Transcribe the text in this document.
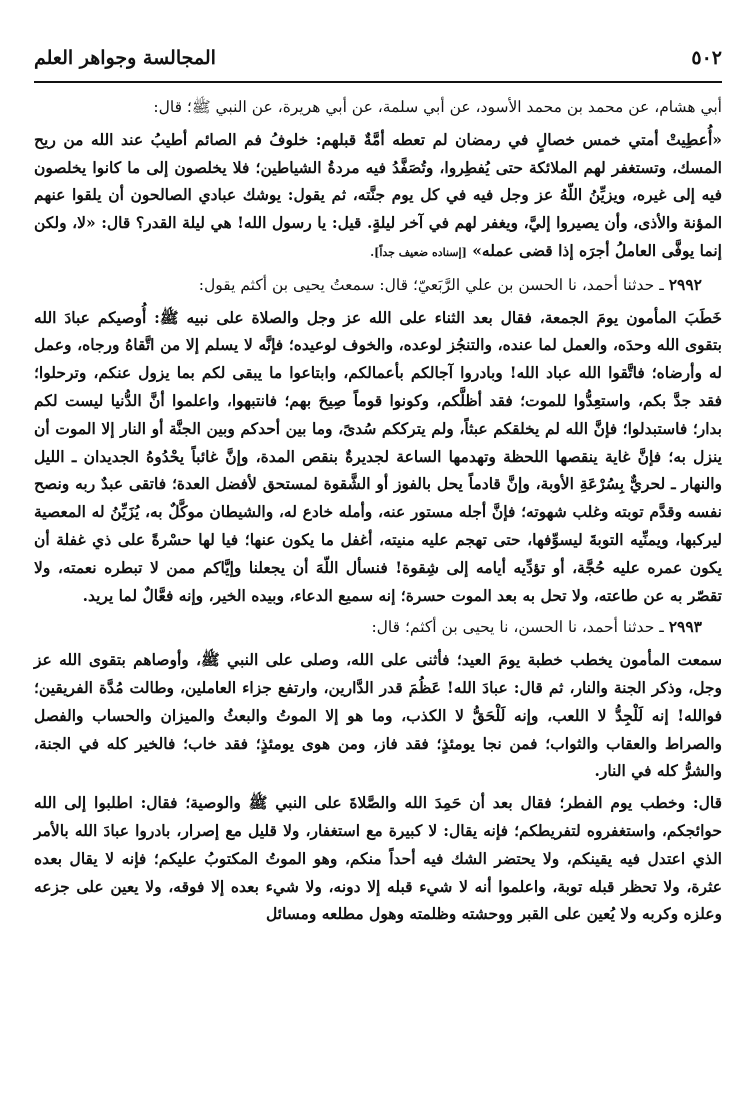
٥٠٢
المجالسة وجواهر العلم

أبي هشام، عن محمد بن محمد الأسود، عن أبي سلمة، عن أبي هريرة، عن النبي ﷺ؛ قال:

«أُعطِيتْ أمتي خمس خصالٍ في رمضان لم تعطه أمَّةٌ قبلهم: خلوفُ فم الصائم أطيبُ عند الله من ريح المسك، وتستغفر لهم الملائكة حتى يُفطِروا، وتُصَفَّدُ فيه مردةُ الشياطين؛ فلا يخلصون إلى ما كانوا يخلصون فيه إلى غيره، ويزيِّنُ اللّهُ عز وجل فيه في كل يوم جنَّته، ثم يقول: يوشك عبادي الصالحون أن يلقوا عنهم المؤنة والأذى، وأن يصيروا إليَّ، ويغفر لهم في آخر ليلةٍ. قيل: يا رسول الله! هي ليلة القدر؟ قال: «لا، ولكن إنما يوفَّى العاملُ أجرَه إذا قضى عمله» [إسناده ضعيف جداً].

٢٩٩٢ ـ حدثنا أحمد، نا الحسن بن علي الرَّبَعيّ؛ قال: سمعتُ يحيى بن أكثم يقول:

خَطَبَ المأمون يومَ الجمعة، فقال بعد الثناء على الله عز وجل والصلاة على نبيه ﷺ: أُوصيكم عبادَ الله بتقوى الله وحدَه، والعمل لما عنده، والتنجُز لوعده، والخوف لوعيده؛ فإنَّه لا يسلم إلا من اتَّقاهُ ورجاه، وعمل له وأرضاه؛ فاتَّقوا الله عباد الله! وبادروا آجالكم بأعمالكم، وابتاعوا ما يبقى لكم بما يزول عنكم، وترحلوا؛ فقد جدَّ بكم، واستعِدُّوا للموت؛ فقد أظلَّكم، وكونوا قوماً صِيحَ بهم؛ فانتبهوا، واعلموا أنَّ الدُّنيا ليست لكم بدار؛ فاستبدلوا؛ فإنَّ الله لم يخلقكم عبثاً، ولم يترككم سُدىً، وما بين أحدكم وبين الجنَّة أو النار إلا الموت أن ينزل به؛ فإنَّ غاية ينقصها اللحظة وتهدمها الساعة لجديرةٌ بنقص المدة، وإنَّ غائباً يحْدُوهُ الجديدان ـ الليل والنهار ـ لحريٌّ بِسُرْعَةِ الأوبة، وإنَّ قادماً يحل بالفوز أو الشَّقوة لمستحق لأفضل العدة؛ فاتقى عبدٌ ربه ونصح نفسه وقدَّم توبته وغلب شهوته؛ فإنَّ أجله مستور عنه، وأمله خادع له، والشيطان موكَّلٌ به، يُزَيِّنُ له المعصية ليركبها، ويمنِّيه التوبةَ ليسوِّفها، حتى تهجم عليه منيته، أغفل ما يكون عنها؛ فيا لها حسْرةً على ذي غفلة أن يكون عمره عليه حُجَّة، أو تؤدِّيه أيامه إلى شِقوة! فنسأل اللّهَ أن يجعلنا وإيَّاكم ممن لا تبطره نعمته، ولا تقصّر به عن طاعته، ولا تحل به بعد الموت حسرة؛ إنه سميع الدعاء، وبيده الخير، وإنه فعَّالٌ لما يريد.

٢٩٩٣ ـ حدثنا أحمد، نا الحسن، نا يحيى بن أكثم؛ قال:

سمعت المأمون يخطب خطبة يومَ العيد؛ فأثنى على الله، وصلى على النبي ﷺ، وأوصاهم بتقوى الله عز وجل، وذكر الجنة والنار، ثم قال: عبادَ الله! عَظُمَ قدر الدَّارين، وارتفع جزاء العاملين، وطالت مُدَّة الفريقين؛ فوالله! إنه لَلْجِدُّ لا اللعب، وإنه لَلْحَقُّ لا الكذب، وما هو إلا الموتُ والبعثُ والميزان والحساب والفصل والصراط والعقاب والثواب؛ فمن نجا يومئذٍ؛ فقد فاز، ومن هوى يومئذٍ؛ فقد خاب؛ فالخير كله في الجنة، والشرُّ كله في النار.

قال: وخطب يوم الفطر؛ فقال بعد أن حَمِدَ الله والصَّلاةَ على النبي ﷺ والوصية؛ فقال: اطلبوا إلى الله حوائجكم، واستغفروه لتفريطكم؛ فإنه يقال: لا كبيرة مع استغفار، ولا قليل مع إصرار، بادروا عبادَ الله بالأمر الذي اعتدل فيه يقينكم، ولا يحتضر الشك فيه أحداً منكم، وهو الموتُ المكتوبُ عليكم؛ فإنه لا يقال بعده عثرة، ولا تحظر قبله توبة، واعلموا أنه لا شيء قبله إلا دونه، ولا شيء بعده إلا فوقه، ولا يعين على جزعه وعلزه وكربه ولا يُعين على القبر ووحشته وظلمته وهول مطلعه ومسائل
